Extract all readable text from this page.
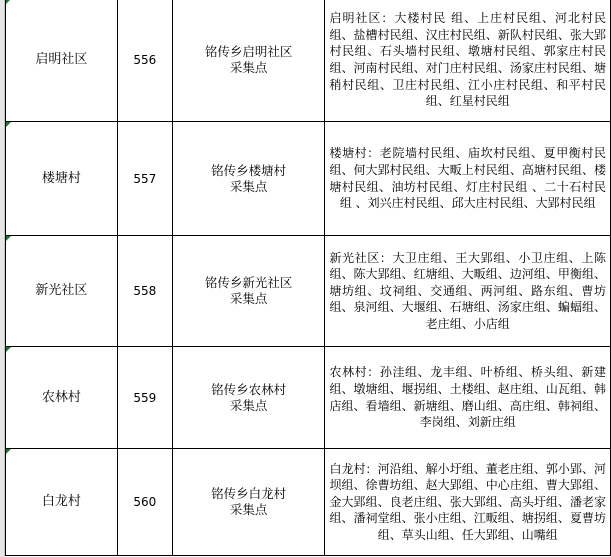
启明社区	556	铭传乡启明社区
采集点	启明社区：大楼村民 组、上庄村民组、河北村民组、盐槽村民组、汉庄村民组、新队村民组、张大郢村民组、石头墙村民组、墩塘村民组、郭家庄村民组、河南村民组、对门庄村民组、汤家庄村民组、塘稍村民组、卫庄村民组、江小庄村民组、和平村民组、红星村民组

楼塘村	557	铭传乡楼塘村
采集点	楼塘村：老院墙村民组、庙坎村民组、夏甲衡村民组、何大郢村民组、大畈上村民组、高塘村民组、楼塘村民组、油坊村民组、灯庄村民组 、二十石村民组 、刘兴庄村民组、邱大庄村民组、大郢村民组

新光社区	558	铭传乡新光社区
采集点	新光社区：大卫庄组、王大郢组、小卫庄组、上陈组、陈大郢组、红塘组、大畈组、边河组、甲衡组、塘坊组、坟祠组、交通组、两河组、路东组、曹坊组、泉河组、大堰组、石塘组、汤家庄组、蝙蝠组、老庄组、小店组

农林村	559	铭传乡农林村
采集点	农林村：孙洼组、龙丰组、叶桥组、桥头组、新建组、墩塘组、堰拐组、土楼组、赵庄组、山瓦组、韩店组、看墙组、新塘组、磨山组、高庄组、韩祠组、李岗组、刘新庄组

白龙村	560	铭传乡白龙村
采集点	白龙村：河沿组、解小圩组、董老庄组、郭小郢、河坝组、徐曹坊组、赵大郢组、中心庄组、曹大郢组、金大郢组、良老庄组、张大郢组、高头圩组、潘老家组、潘祠堂组、张小庄组、江畈组、塘拐组、夏曹坊组、草头山组、任大郢组、山嘴组
